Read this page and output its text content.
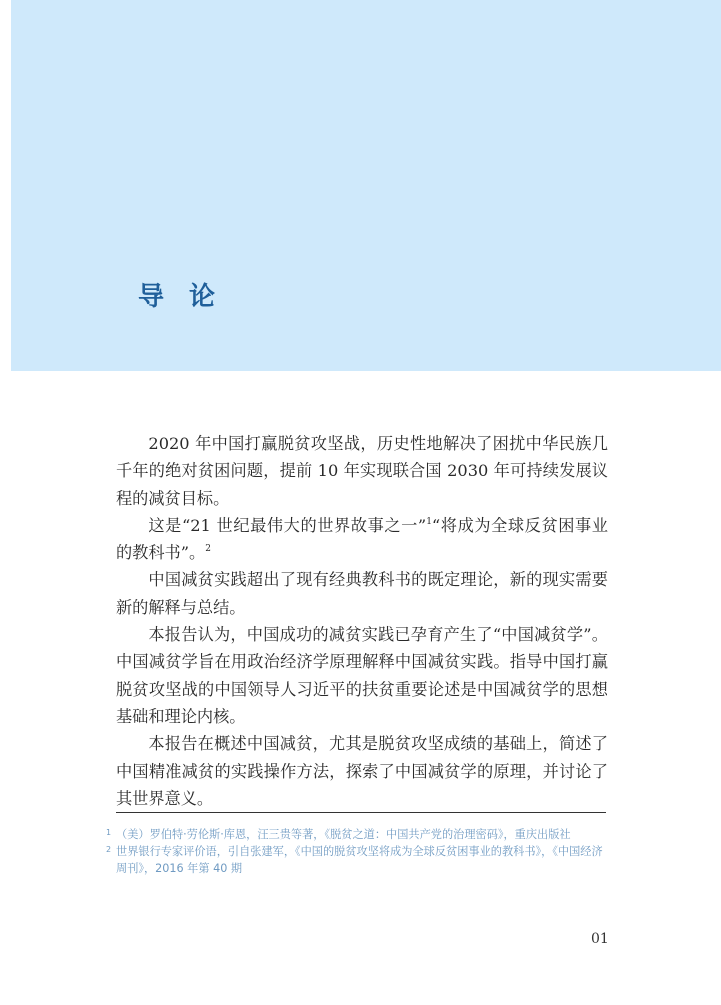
导 论

2020 年中国打赢脱贫攻坚战，历史性地解决了困扰中华民族几千年的绝对贫困问题，提前 10 年实现联合国 2030 年可持续发展议程的减贫目标。

这是“21 世纪最伟大的世界故事之一”$^1$“将成为全球反贫困事业的教科书”。$^2$

中国减贫实践超出了现有经典教科书的既定理论，新的现实需要新的解释与总结。

本报告认为，中国成功的减贫实践已孕育产生了“中国减贫学”。中国减贫学旨在用政治经济学原理解释中国减贫实践。指导中国打赢脱贫攻坚战的中国领导人习近平的扶贫重要论述是中国减贫学的思想基础和理论内核。

本报告在概述中国减贫，尤其是脱贫攻坚成绩的基础上，简述了中国精准减贫的实践操作方法，探索了中国减贫学的原理，并讨论了其世界意义。

1 （美）罗伯特·劳伦斯·库恩，汪三贵等著，《脱贫之道：中国共产党的治理密码》，重庆出版社
2 世界银行专家评价语，引自张建军，《中国的脱贫攻坚将成为全球反贫困事业的教科书》，《中国经济周刊》，2016 年第 40 期
01
